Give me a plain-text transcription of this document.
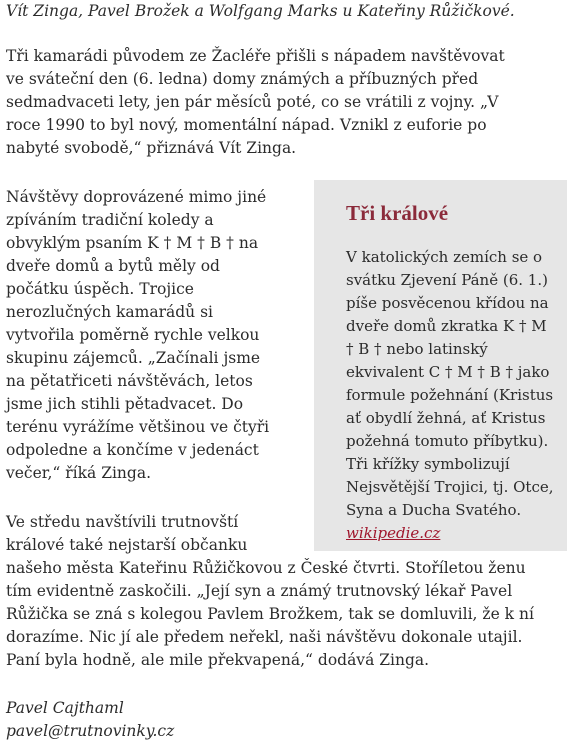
Vít Zinga, Pavel Brožek a Wolfgang Marks u Kateřiny Růžičkové.
Tři kamarádi původem ze Žacléře přišli s nápadem navštěvovat ve sváteční den (6. ledna) domy známých a příbuzných před sedmadvaceti lety, jen pár měsíců poté, co se vrátili z vojny. „V roce 1990 to byl nový, momentální nápad. Vznikl z euforie po nabyté svobodě,“ přiznává Vít Zinga.
Návštěvy doprovázené mimo jiné zpíváním tradiční koledy a obvyklým psaním K † M † B † na dveře domů a bytů měly od počátku úspěch. Trojice nerozlučných kamarádů si vytvořila poměrně rychle velkou skupinu zájemců. „Začínali jsme na pětatřiceti návštěvách, letos jsme jich stihli pětadvacet. Do terénu vyrážíme většinou ve čtyři odpoledne a končíme v jedenáct večer,“ říká Zinga.
Tři králové
V katolických zemích se o svátku Zjevení Páně (6. 1.) píše posvěcenou křídou na dveře domů zkratka K † M † B † nebo latinský ekvivalent C † M † B † jako formule požehnání (Kristus ať obydlí žehná, ať Kristus požehná tomuto příbytku). Tři křížky symbolizují Nejsvětější Trojici, tj. Otce, Syna a Ducha Svatého. wikipedie.cz
Ve středu navštívili trutnovští králové také nejstarší občanku
našeho města Kateřinu Růžičkovou z České čtvrti. Stoříletou ženu tím evidentně zaskočili. „Její syn a známý trutnovský lékař Pavel Růžička se zná s kolegou Pavlem Brožkem, tak se domluvili, že k ní dorazíme. Nic jí ale předem neřekl, naši návštěvu dokonale utajil. Paní byla hodně, ale mile překvapená,“ dodává Zinga.
Pavel Cajthaml
pavel@trutnovinky.cz
